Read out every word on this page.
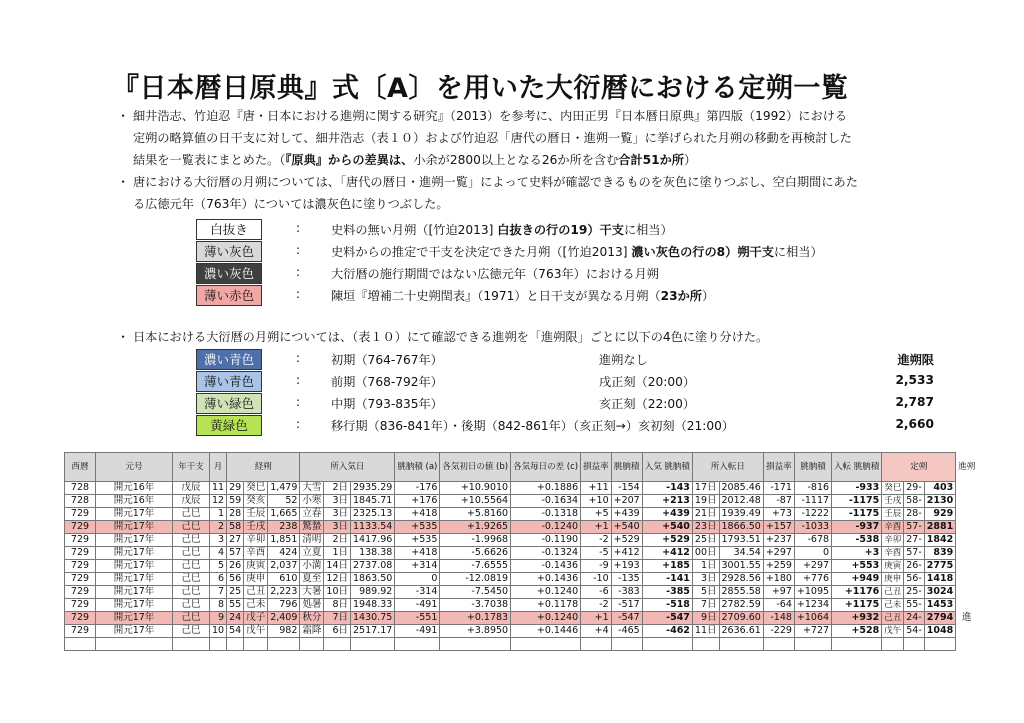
『日本暦日原典』式〔A〕を用いた大衍暦における定朔一覧
・ 細井浩志、竹迫忍『唐・日本における進朔に関する研究』（2013）を参考に、内田正男『日本暦日原典』第四版（1992）における
定朔の略算値の日干支に対して、細井浩志（表１０）および竹迫忍「唐代の暦日・進朔一覧」に挙げられた月朔の移動を再検討した
結果を一覧表にまとめた。（『原典』からの差異は、小余が2800以上となる26か所を含む合計51か所）
・ 唐における大衍暦の月朔については、「唐代の暦日・進朔一覧」によって史料が確認できるものを灰色に塗りつぶし、空白期間にあた
る広徳元年（763年）については濃灰色に塗りつぶした。
白抜き	:	史料の無い月朔（[竹迫2013] 白抜きの行の19）干支に相当）
薄い灰色	:	史料からの推定で干支を決定できた月朔（[竹迫2013] 濃い灰色の行の8）朔干支に相当）
濃い灰色	:	大衍暦の施行期間ではない広徳元年（763年）における月朔
薄い赤色	:	陳垣『増補二十史朔閏表』（1971）と日干支が異なる月朔（23か所）
・ 日本における大衍暦の月朔については、（表１０）にて確認できる進朔を「進朔限」ごとに以下の4色に塗り分けた。
濃い青色	:	初期（764-767年）	進朔なし	進朔限
薄い青色	:	前期（768-792年）	戌正刻（20:00）	2,533
薄い緑色	:	中期（793-835年）	亥正刻（22:00）	2,787
黄緑色	:	移行期（836-841年）・後期（842-861年）（亥正刻→）亥初刻（21:00）	2,660
西暦	元号	年干支	月	経朔			所入気日			朓朒積 (a)	各気初日の値 (b)	各気毎日の差 (c)	損益率	朓朒積	入気 朓朒積	所入転日		損益率	朓朒積	入転 朓朒積	定朔			進朔
728	開元16年	戊辰	11	29	癸巳	1,479	大雪	2日	2935.29	-176	+10.9010	+0.1886	+11	-154	-143	17日	2085.46	-171	-816	-933	癸巳	29-	403	
728	開元16年	戊辰	12	59	癸亥	52	小寒	3日	1845.71	+176	+10.5564	-0.1634	+10	+207	+213	19日	2012.48	-87	-1117	-1175	壬戌	58-	2130	
729	開元17年	己巳	1	28	壬辰	1,665	立春	3日	2325.13	+418	+5.8160	-0.1318	+5	+439	+439	21日	1939.49	+73	-1222	-1175	壬辰	28-	929	
729	開元17年	己巳	2	58	壬戌	238	驚蟄	3日	1133.54	+535	+1.9265	-0.1240	+1	+540	+540	23日	1866.50	+157	-1033	-937	辛酉	57-	2881	
729	開元17年	己巳	3	27	辛卯	1,851	清明	2日	1417.96	+535	-1.9968	-0.1190	-2	+529	+529	25日	1793.51	+237	-678	-538	辛卯	27-	1842	
729	開元17年	己巳	4	57	辛酉	424	立夏	1日	138.38	+418	-5.6626	-0.1324	-5	+412	+412	00日	34.54	+297	0	+3	辛酉	57-	839	
729	開元17年	己巳	5	26	庚寅	2,037	小満	14日	2737.08	+314	-7.6555	-0.1436	-9	+193	+185	1日	3001.55	+259	+297	+553	庚寅	26-	2775	
729	開元17年	己巳	6	56	庚申	610	夏至	12日	1863.50	0	-12.0819	+0.1436	-10	-135	-141	3日	2928.56	+180	+776	+949	庚申	56-	1418	
729	開元17年	己巳	7	25	己丑	2,223	大暑	10日	989.92	-314	-7.5450	+0.1240	-6	-383	-385	5日	2855.58	+97	+1095	+1176	己丑	25-	3024	
729	開元17年	己巳	8	55	己未	796	処暑	8日	1948.33	-491	-3.7038	+0.1178	-2	-517	-518	7日	2782.59	-64	+1234	+1175	己未	55-	1453	
729	開元17年	己巳	9	24	戊子	2,409	秋分	7日	1430.75	-551	+0.1783	+0.1240	+1	-547	-547	9日	2709.60	-148	+1064	+932	己丑	24-	2794	進
729	開元17年	己巳	10	54	戊午	982	霜降	6日	2517.17	-491	+3.8950	+0.1446	+4	-465	-462	11日	2636.61	-229	+727	+528	戊午	54-	1048	
